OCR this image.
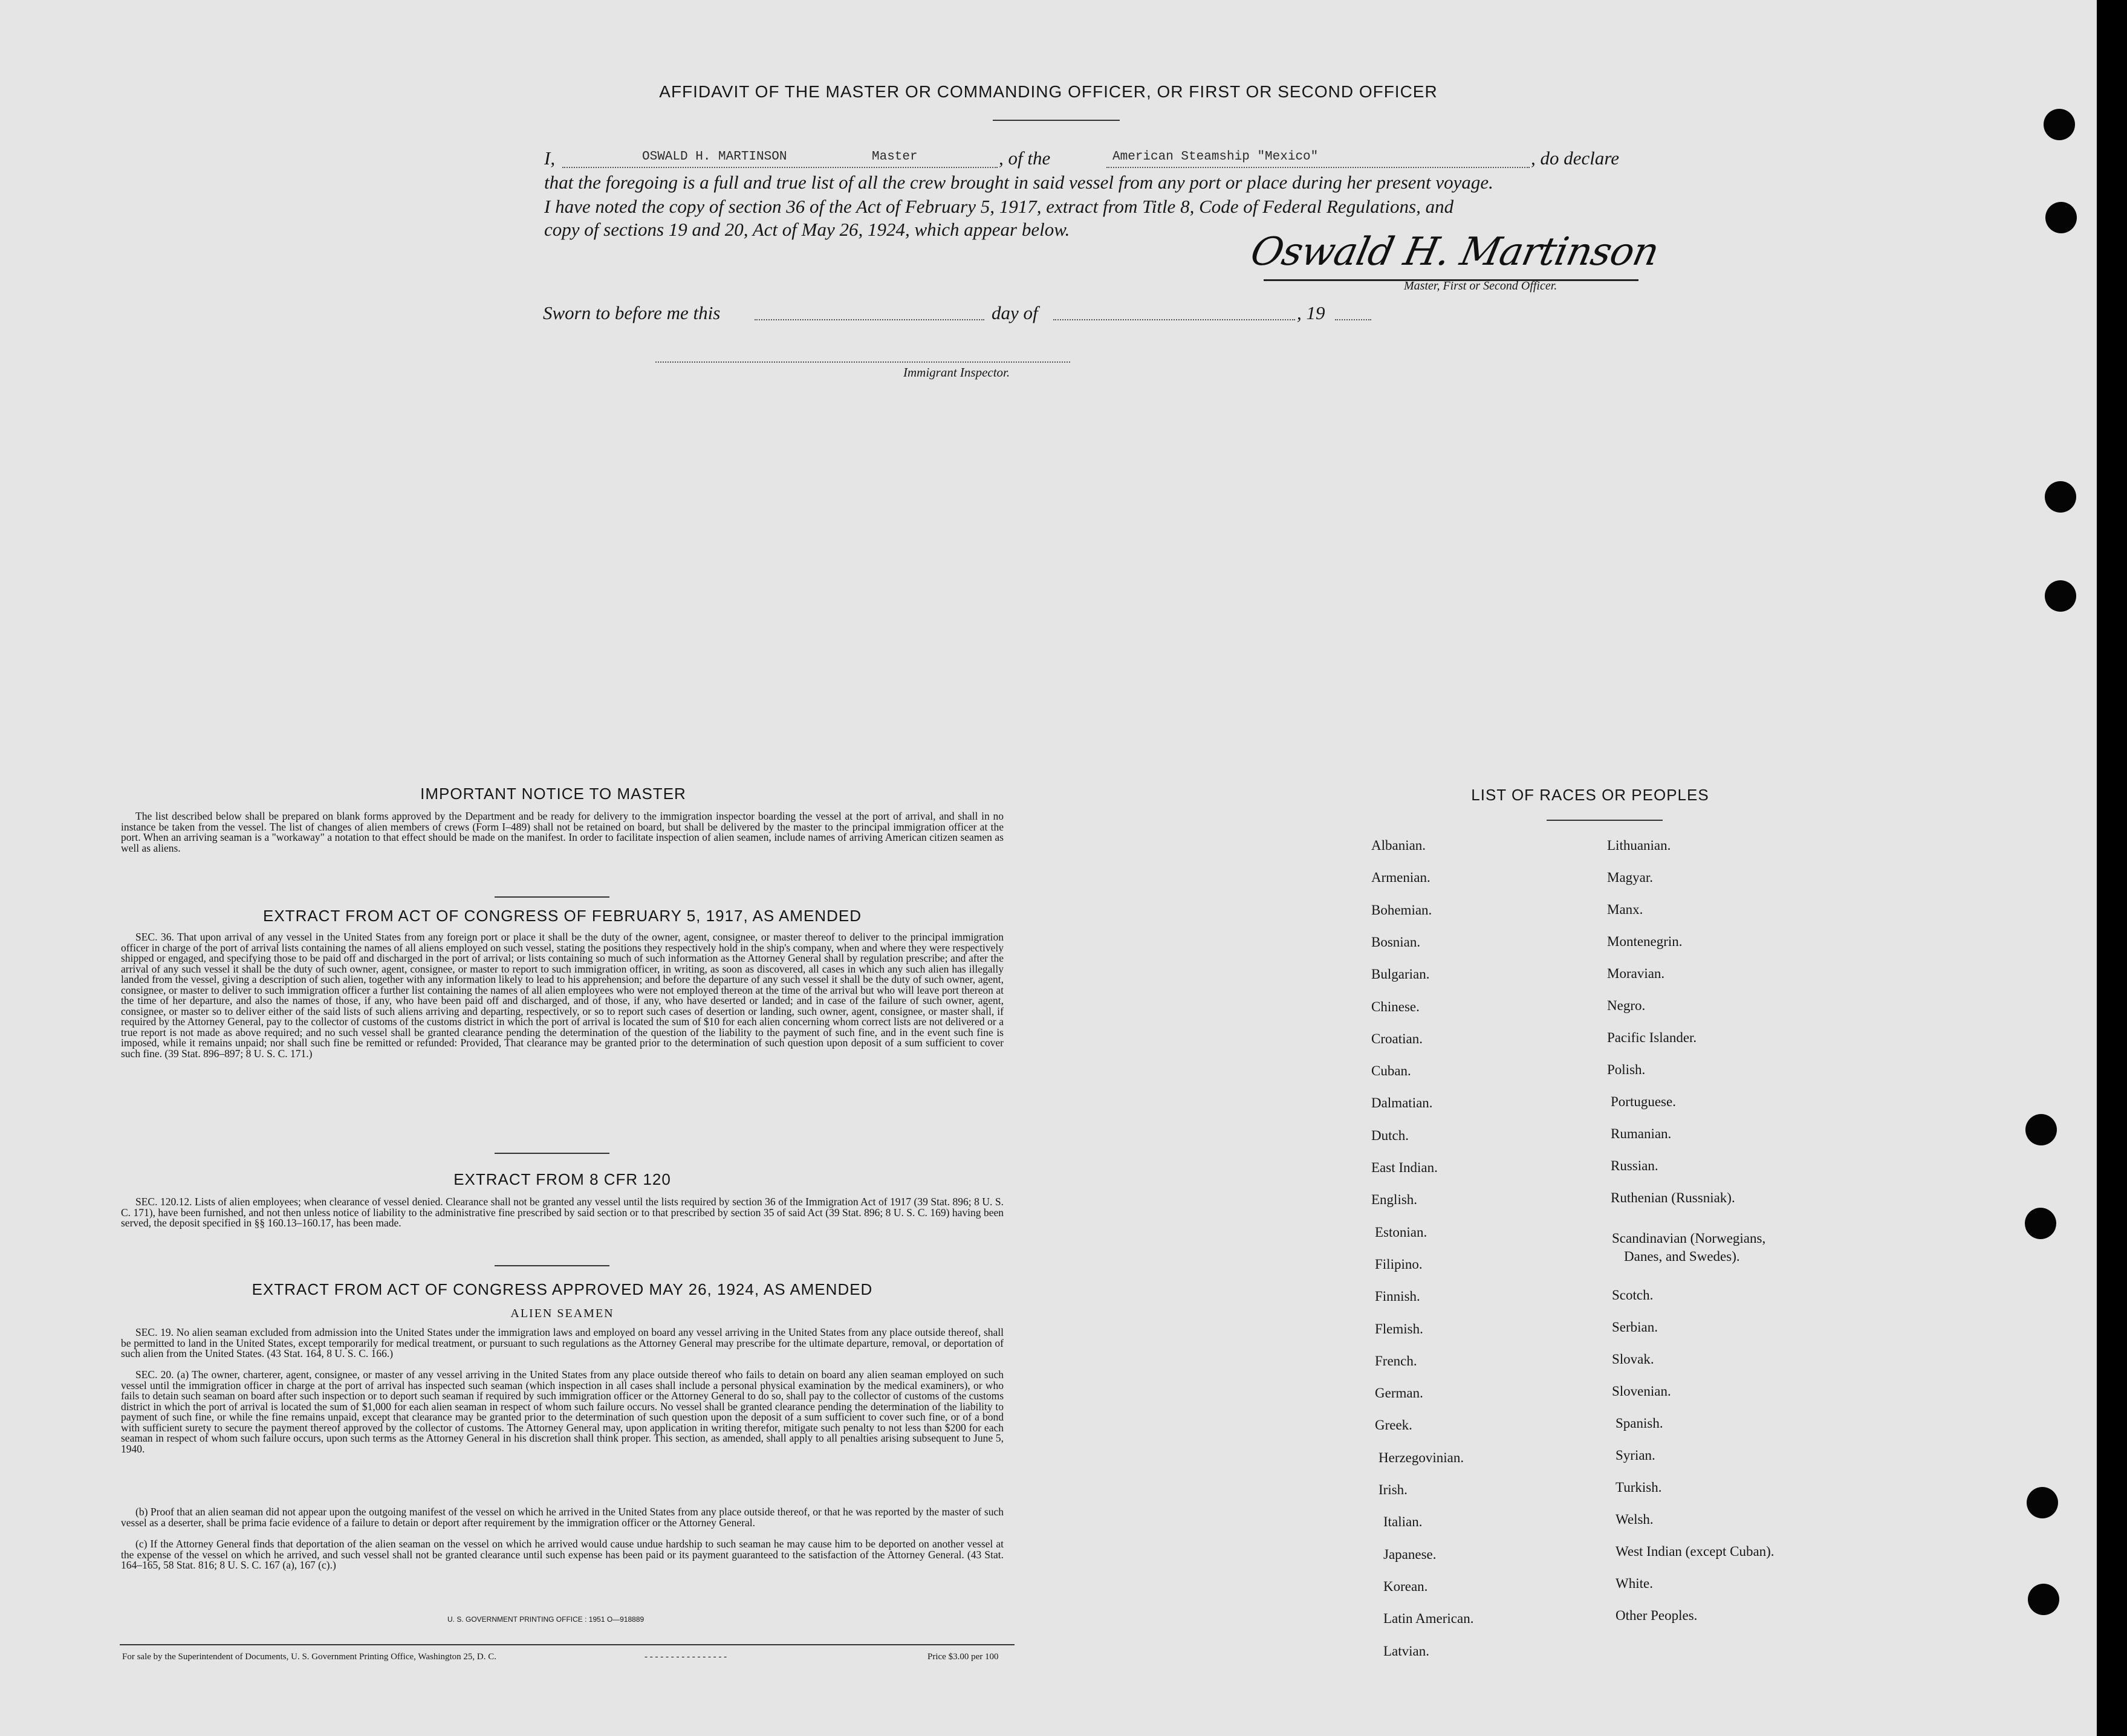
AFFIDAVIT OF THE MASTER OR COMMANDING OFFICER, OR FIRST OR SECOND OFFICER
I,	OSWALD H. MARTINSON	Master	, of the	American Steamship "Mexico"	, do declare
that the foregoing is a full and true list of all the crew brought in said vessel from any port or place during her present voyage.
I have noted the copy of section 36 of the Act of February 5, 1917, extract from Title 8, Code of Federal Regulations, and
copy of sections 19 and 20, Act of May 26, 1924, which appear below.
Oswald H. Martinson
Master, First or Second Officer.
Sworn to before me this	day of	, 19
Immigrant Inspector.
IMPORTANT NOTICE TO MASTER
The list described below shall be prepared on blank forms approved by the Department and be ready for delivery to the immigration inspector boarding the vessel at the port of arrival, and shall in no instance be taken from the vessel. The list of changes of alien members of crews (Form I–489) shall not be retained on board, but shall be delivered by the master to the principal immigration officer at the port. When an arriving seaman is a "workaway" a notation to that effect should be made on the manifest. In order to facilitate inspection of alien seamen, include names of arriving American citizen seamen as well as aliens.
EXTRACT FROM ACT OF CONGRESS OF FEBRUARY 5, 1917, AS AMENDED
SEC. 36. That upon arrival of any vessel in the United States from any foreign port or place it shall be the duty of the owner, agent, consignee, or master thereof to deliver to the principal immigration officer in charge of the port of arrival lists containing the names of all aliens employed on such vessel, stating the positions they respectively hold in the ship's company, when and where they were respectively shipped or engaged, and specifying those to be paid off and discharged in the port of arrival; or lists containing so much of such information as the Attorney General shall by regulation prescribe; and after the arrival of any such vessel it shall be the duty of such owner, agent, consignee, or master to report to such immigration officer, in writing, as soon as discovered, all cases in which any such alien has illegally landed from the vessel, giving a description of such alien, together with any information likely to lead to his apprehension; and before the departure of any such vessel it shall be the duty of such owner, agent, consignee, or master to deliver to such immigration officer a further list containing the names of all alien employees who were not employed thereon at the time of the arrival but who will leave port thereon at the time of her departure, and also the names of those, if any, who have been paid off and discharged, and of those, if any, who have deserted or landed; and in case of the failure of such owner, agent, consignee, or master so to deliver either of the said lists of such aliens arriving and departing, respectively, or so to report such cases of desertion or landing, such owner, agent, consignee, or master shall, if required by the Attorney General, pay to the collector of customs of the customs district in which the port of arrival is located the sum of $10 for each alien concerning whom correct lists are not delivered or a true report is not made as above required; and no such vessel shall be granted clearance pending the determination of the question of the liability to the payment of such fine, and in the event such fine is imposed, while it remains unpaid; nor shall such fine be remitted or refunded: Provided, That clearance may be granted prior to the determination of such question upon deposit of a sum sufficient to cover such fine. (39 Stat. 896–897; 8 U. S. C. 171.)
EXTRACT FROM 8 CFR 120
SEC. 120.12. Lists of alien employees; when clearance of vessel denied. Clearance shall not be granted any vessel until the lists required by section 36 of the Immigration Act of 1917 (39 Stat. 896; 8 U. S. C. 171), have been furnished, and not then unless notice of liability to the administrative fine prescribed by said section or to that prescribed by section 35 of said Act (39 Stat. 896; 8 U. S. C. 169) having been served, the deposit specified in §§ 160.13–160.17, has been made.
EXTRACT FROM ACT OF CONGRESS APPROVED MAY 26, 1924, AS AMENDED
ALIEN SEAMEN
SEC. 19. No alien seaman excluded from admission into the United States under the immigration laws and employed on board any vessel arriving in the United States from any place outside thereof, shall be permitted to land in the United States, except temporarily for medical treatment, or pursuant to such regulations as the Attorney General may prescribe for the ultimate departure, removal, or deportation of such alien from the United States. (43 Stat. 164, 8 U. S. C. 166.)
SEC. 20. (a) The owner, charterer, agent, consignee, or master of any vessel arriving in the United States from any place outside thereof who fails to detain on board any alien seaman employed on such vessel until the immigration officer in charge at the port of arrival has inspected such seaman (which inspection in all cases shall include a personal physical examination by the medical examiners), or who fails to detain such seaman on board after such inspection or to deport such seaman if required by such immigration officer or the Attorney General to do so, shall pay to the collector of customs of the customs district in which the port of arrival is located the sum of $1,000 for each alien seaman in respect of whom such failure occurs. No vessel shall be granted clearance pending the determination of the liability to payment of such fine, or while the fine remains unpaid, except that clearance may be granted prior to the determination of such question upon the deposit of a sum sufficient to cover such fine, or of a bond with sufficient surety to secure the payment thereof approved by the collector of customs. The Attorney General may, upon application in writing therefor, mitigate such penalty to not less than $200 for each seaman in respect of whom such failure occurs, upon such terms as the Attorney General in his discretion shall think proper. This section, as amended, shall apply to all penalties arising subsequent to June 5, 1940.
(b) Proof that an alien seaman did not appear upon the outgoing manifest of the vessel on which he arrived in the United States from any place outside thereof, or that he was reported by the master of such vessel as a deserter, shall be prima facie evidence of a failure to detain or deport after requirement by the immigration officer or the Attorney General.
(c) If the Attorney General finds that deportation of the alien seaman on the vessel on which he arrived would cause undue hardship to such seaman he may cause him to be deported on another vessel at the expense of the vessel on which he arrived, and such vessel shall not be granted clearance until such expense has been paid or its payment guaranteed to the satisfaction of the Attorney General. (43 Stat. 164–165, 58 Stat. 816; 8 U. S. C. 167 (a), 167 (c).)
U. S. GOVERNMENT PRINTING OFFICE : 1951 O—918889
For sale by the Superintendent of Documents, U. S. Government Printing Office, Washington 25, D. C.	- - - - - - - - - - - - - - - -	Price $3.00 per 100
LIST OF RACES OR PEOPLES
Albanian.
Armenian.
Bohemian.
Bosnian.
Bulgarian.
Chinese.
Croatian.
Cuban.
Dalmatian.
Dutch.
East Indian.
English.
Estonian.
Filipino.
Finnish.
Flemish.
French.
German.
Greek.
Herzegovinian.
Irish.
Italian.
Japanese.
Korean.
Latin American.
Latvian.
Lithuanian.
Magyar.
Manx.
Montenegrin.
Moravian.
Negro.
Pacific Islander.
Polish.
Portuguese.
Rumanian.
Russian.
Ruthenian (Russniak).
Scandinavian (Norwegians,
Danes, and Swedes).
Scotch.
Serbian.
Slovak.
Slovenian.
Spanish.
Syrian.
Turkish.
Welsh.
West Indian (except Cuban).
White.
Other Peoples.
